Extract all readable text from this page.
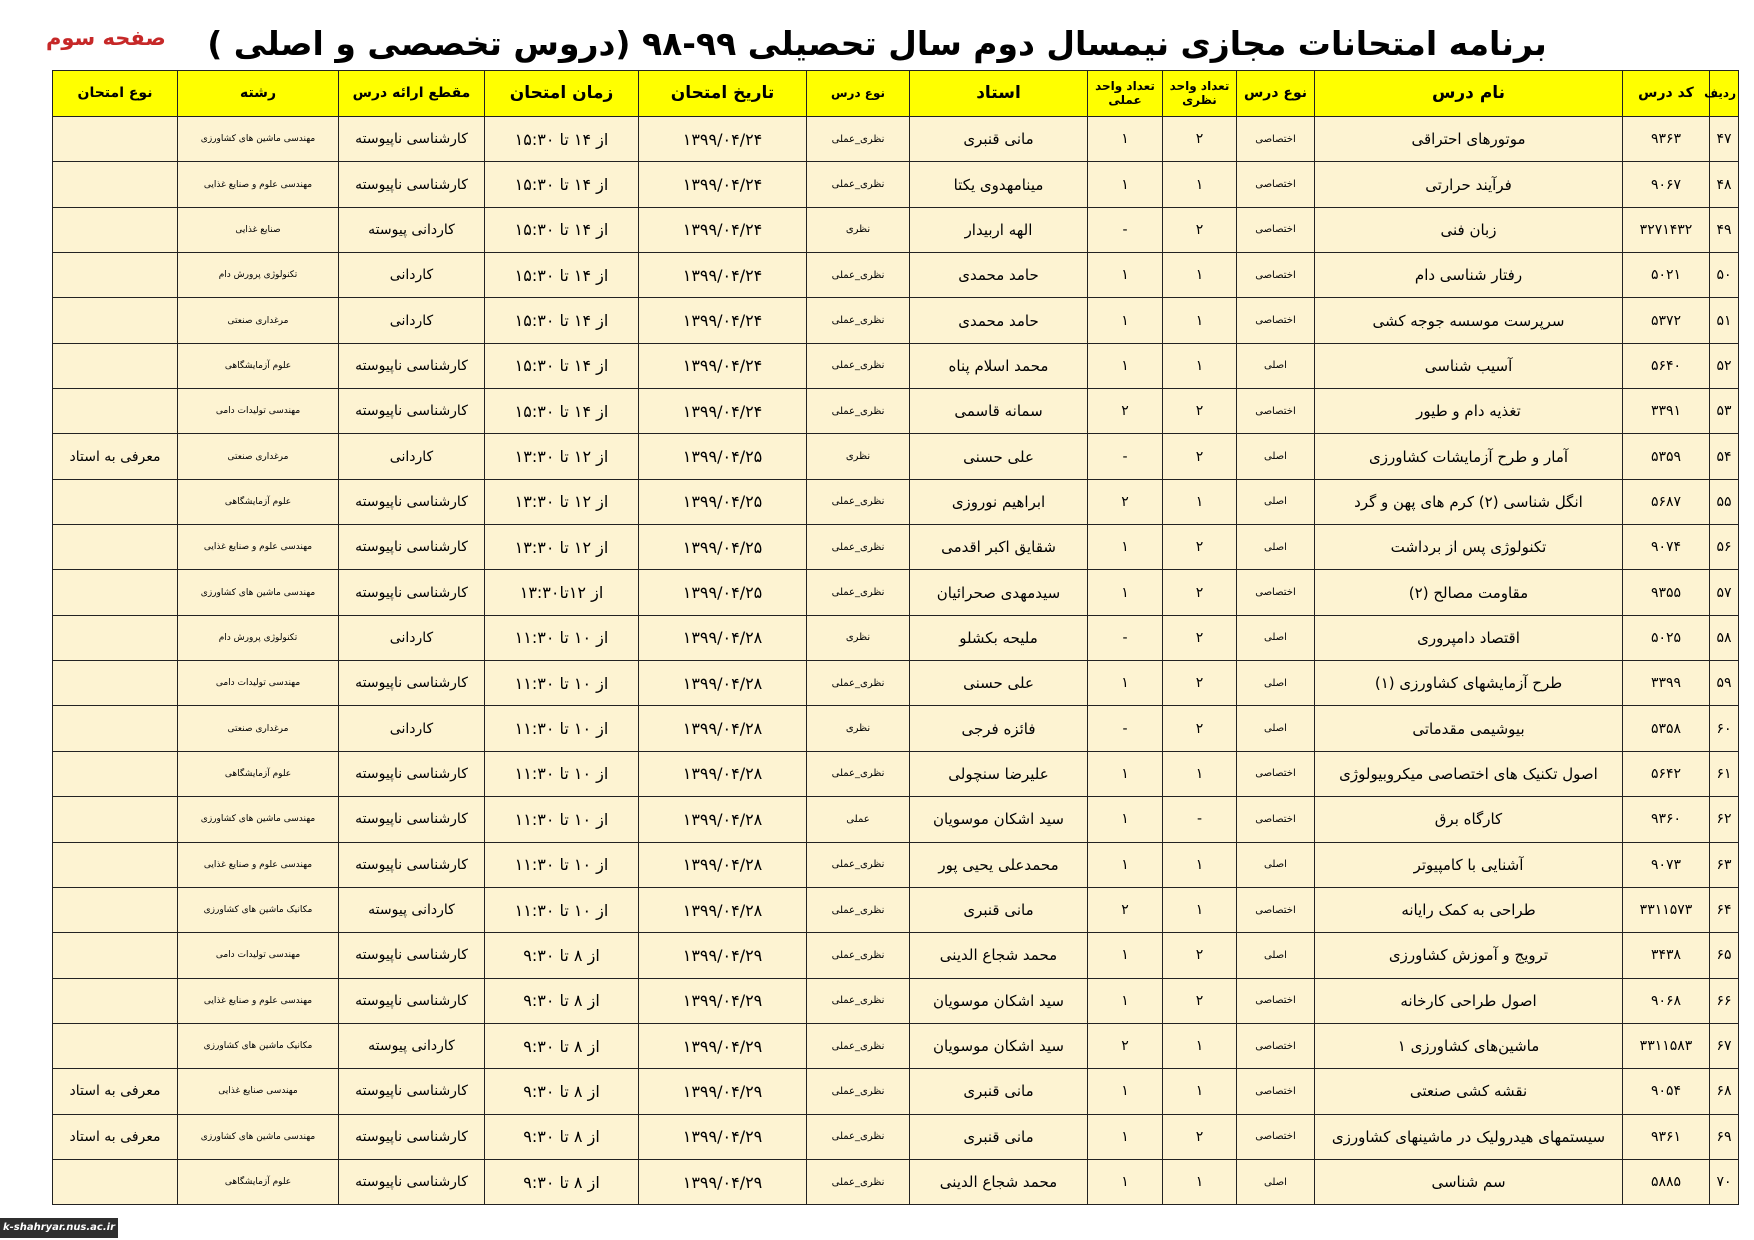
صفحه سوم	برنامه امتحانات مجازی نیمسال دوم سال تحصیلی ۹۹-۹۸ (دروس تخصصی و اصلی )
ردیف	کد درس	نام درس	نوع درس	تعداد واحد نظری	تعداد واحد عملی	استاد	نوع درس	تاریخ امتحان	زمان امتحان	مقطع ارائه درس	رشته	نوع امتحان
۴۷	۹۳۶۳	موتورهای احتراقی	اختصاصی	۲	۱	مانی قنبری	نظری_عملی	۱۳۹۹/۰۴/۲۴	از ۱۴ تا ۱۵:۳۰	کارشناسی ناپیوسته	مهندسی ماشین های کشاورزی	
۴۸	۹۰۶۷	فرآیند حرارتی	اختصاصی	۱	۱	مینامهدوی یکتا	نظری_عملی	۱۳۹۹/۰۴/۲۴	از ۱۴ تا ۱۵:۳۰	کارشناسی ناپیوسته	مهندسی علوم و صنایع غذایی	
۴۹	۳۲۷۱۴۳۲	زبان فنی	اختصاصی	۲	-	الهه اربیدار	نظری	۱۳۹۹/۰۴/۲۴	از ۱۴ تا ۱۵:۳۰	کاردانی پیوسته	صنایع غذایی	
۵۰	۵۰۲۱	رفتار شناسی دام	اختصاصی	۱	۱	حامد محمدی	نظری_عملی	۱۳۹۹/۰۴/۲۴	از ۱۴ تا ۱۵:۳۰	کاردانی	تکنولوژی پرورش دام	
۵۱	۵۳۷۲	سرپرست موسسه جوجه کشی	اختصاصی	۱	۱	حامد محمدی	نظری_عملی	۱۳۹۹/۰۴/۲۴	از ۱۴ تا ۱۵:۳۰	کاردانی	مرغداری صنعتی	
۵۲	۵۶۴۰	آسیب شناسی	اصلی	۱	۱	محمد اسلام پناه	نظری_عملی	۱۳۹۹/۰۴/۲۴	از ۱۴ تا ۱۵:۳۰	کارشناسی ناپیوسته	علوم آزمایشگاهی	
۵۳	۳۳۹۱	تغذیه دام و طیور	اختصاصی	۲	۲	سمانه قاسمی	نظری_عملی	۱۳۹۹/۰۴/۲۴	از ۱۴ تا ۱۵:۳۰	کارشناسی ناپیوسته	مهندسی تولیدات دامی	
۵۴	۵۳۵۹	آمار و طرح آزمایشات کشاورزی	اصلی	۲	-	علی حسنی	نظری	۱۳۹۹/۰۴/۲۵	از ۱۲ تا ۱۳:۳۰	کاردانی	مرغداری صنعتی	معرفی به استاد
۵۵	۵۶۸۷	انگل شناسی (۲) کرم های پهن و گرد	اصلی	۱	۲	ابراهیم نوروزی	نظری_عملی	۱۳۹۹/۰۴/۲۵	از ۱۲ تا ۱۳:۳۰	کارشناسی ناپیوسته	علوم آزمایشگاهی	
۵۶	۹۰۷۴	تکنولوژی پس از برداشت	اصلی	۲	۱	شقایق اکبر اقدمی	نظری_عملی	۱۳۹۹/۰۴/۲۵	از ۱۲ تا ۱۳:۳۰	کارشناسی ناپیوسته	مهندسی علوم و صنایع غذایی	
۵۷	۹۳۵۵	مقاومت مصالح (۲)	اختصاصی	۲	۱	سیدمهدی صحرائیان	نظری_عملی	۱۳۹۹/۰۴/۲۵	از ۱۲تا۱۳:۳۰	کارشناسی ناپیوسته	مهندسی ماشین های کشاورزی	
۵۸	۵۰۲۵	اقتصاد دامپروری	اصلی	۲	-	ملیحه بکشلو	نظری	۱۳۹۹/۰۴/۲۸	از ۱۰ تا ۱۱:۳۰	کاردانی	تکنولوژی پرورش دام	
۵۹	۳۳۹۹	طرح آزمایشهای کشاورزی (۱)	اصلی	۲	۱	علی حسنی	نظری_عملی	۱۳۹۹/۰۴/۲۸	از ۱۰ تا ۱۱:۳۰	کارشناسی ناپیوسته	مهندسی تولیدات دامی	
۶۰	۵۳۵۸	بیوشیمی مقدماتی	اصلی	۲	-	فائزه فرجی	نظری	۱۳۹۹/۰۴/۲۸	از ۱۰ تا ۱۱:۳۰	کاردانی	مرغداری صنعتی	
۶۱	۵۶۴۲	اصول تکنیک های اختصاصی میکروبیولوژی	اختصاصی	۱	۱	علیرضا سنچولی	نظری_عملی	۱۳۹۹/۰۴/۲۸	از ۱۰ تا ۱۱:۳۰	کارشناسی ناپیوسته	علوم آزمایشگاهی	
۶۲	۹۳۶۰	کارگاه برق	اختصاصی	-	۱	سید اشکان موسویان	عملی	۱۳۹۹/۰۴/۲۸	از ۱۰ تا ۱۱:۳۰	کارشناسی ناپیوسته	مهندسی ماشین های کشاورزی	
۶۳	۹۰۷۳	آشنایی با کامپیوتر	اصلی	۱	۱	محمدعلی یحیی پور	نظری_عملی	۱۳۹۹/۰۴/۲۸	از ۱۰ تا ۱۱:۳۰	کارشناسی ناپیوسته	مهندسی علوم و صنایع غذایی	
۶۴	۳۳۱۱۵۷۳	طراحی به کمک رایانه	اختصاصی	۱	۲	مانی قنبری	نظری_عملی	۱۳۹۹/۰۴/۲۸	از ۱۰ تا ۱۱:۳۰	کاردانی پیوسته	مکانیک ماشین های کشاورزی	
۶۵	۳۴۳۸	ترویج و آموزش کشاورزی	اصلی	۲	۱	محمد شجاع الدینی	نظری_عملی	۱۳۹۹/۰۴/۲۹	از ۸ تا ۹:۳۰	کارشناسی ناپیوسته	مهندسی تولیدات دامی	
۶۶	۹۰۶۸	اصول طراحی کارخانه	اختصاصی	۲	۱	سید اشکان موسویان	نظری_عملی	۱۳۹۹/۰۴/۲۹	از ۸ تا ۹:۳۰	کارشناسی ناپیوسته	مهندسی علوم و صنایع غذایی	
۶۷	۳۳۱۱۵۸۳	ماشین‌های کشاورزی ۱	اختصاصی	۱	۲	سید اشکان موسویان	نظری_عملی	۱۳۹۹/۰۴/۲۹	از ۸ تا ۹:۳۰	کاردانی پیوسته	مکانیک ماشین های کشاورزی	
۶۸	۹۰۵۴	نقشه کشی صنعتی	اختصاصی	۱	۱	مانی قنبری	نظری_عملی	۱۳۹۹/۰۴/۲۹	از ۸ تا ۹:۳۰	کارشناسی ناپیوسته	مهندسی صنایع غذایی	معرفی به استاد
۶۹	۹۳۶۱	سیستمهای هیدرولیک در ماشینهای کشاورزی	اختصاصی	۲	۱	مانی قنبری	نظری_عملی	۱۳۹۹/۰۴/۲۹	از ۸ تا ۹:۳۰	کارشناسی ناپیوسته	مهندسی ماشین های کشاورزی	معرفی به استاد
۷۰	۵۸۸۵	سم شناسی	اصلی	۱	۱	محمد شجاع الدینی	نظری_عملی	۱۳۹۹/۰۴/۲۹	از ۸ تا ۹:۳۰	کارشناسی ناپیوسته	علوم آزمایشگاهی	
k-shahryar.nus.ac.ir
